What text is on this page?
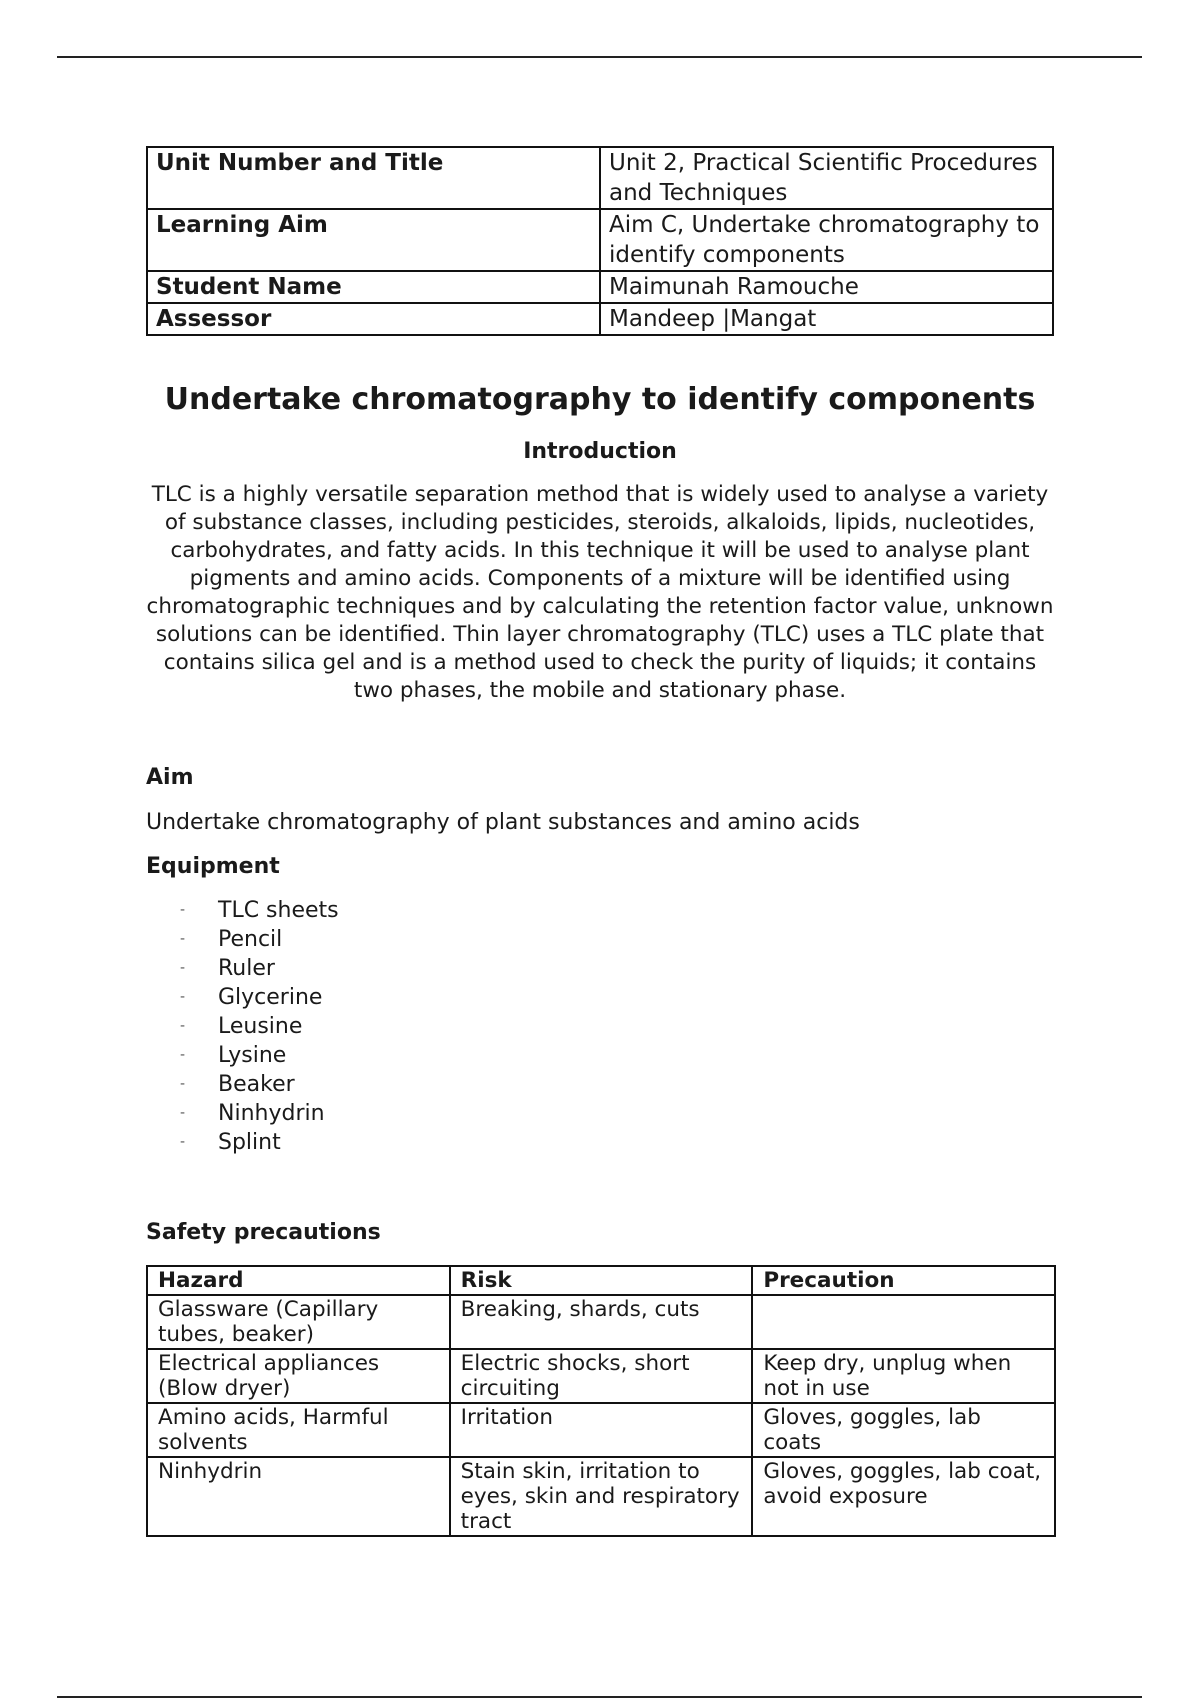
Unit Number and Title	Unit 2, Practical Scientific Procedures and Techniques
Learning Aim	Aim C, Undertake chromatography to identify components
Student Name	Maimunah Ramouche
Assessor	Mandeep |Mangat
Undertake chromatography to identify components
Introduction

TLC is a highly versatile separation method that is widely used to analyse a variety of substance classes, including pesticides, steroids, alkaloids, lipids, nucleotides, carbohydrates, and fatty acids. In this technique it will be used to analyse plant pigments and amino acids. Components of a mixture will be identified using chromatographic techniques and by calculating the retention factor value, unknown solutions can be identified. Thin layer chromatography (TLC) uses a TLC plate that contains silica gel and is a method used to check the purity of liquids; it contains two phases, the mobile and stationary phase.

Aim

Undertake chromatography of plant substances and amino acids

Equipment
- TLC sheets
- Pencil
- Ruler
- Glycerine
- Leusine
- Lysine
- Beaker
- Ninhydrin
- Splint
Safety precautions
Hazard	Risk	Precaution
Glassware (Capillary tubes, beaker)	Breaking, shards, cuts	
Electrical appliances (Blow dryer)	Electric shocks, short circuiting	Keep dry, unplug when not in use
Amino acids, Harmful solvents	Irritation	Gloves, goggles, lab coats
Ninhydrin	Stain skin, irritation to eyes, skin and respiratory tract	Gloves, goggles, lab coat, avoid exposure
